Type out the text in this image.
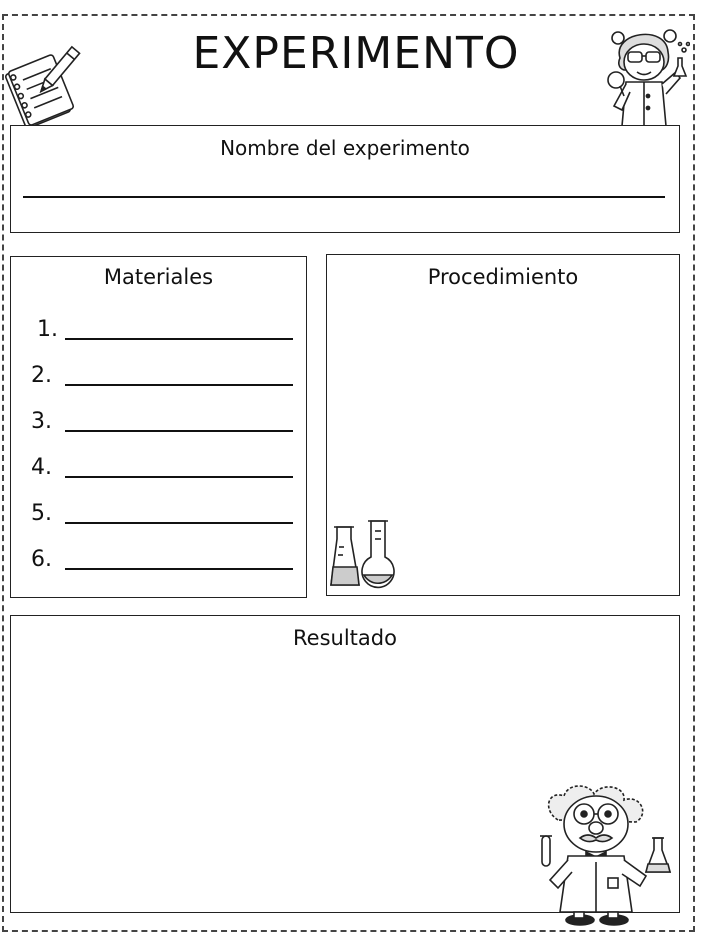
EXPERIMENTO
Nombre del experimento
Materiales
1.
2.
3.
4.
5.
6.
Procedimiento
Resultado
